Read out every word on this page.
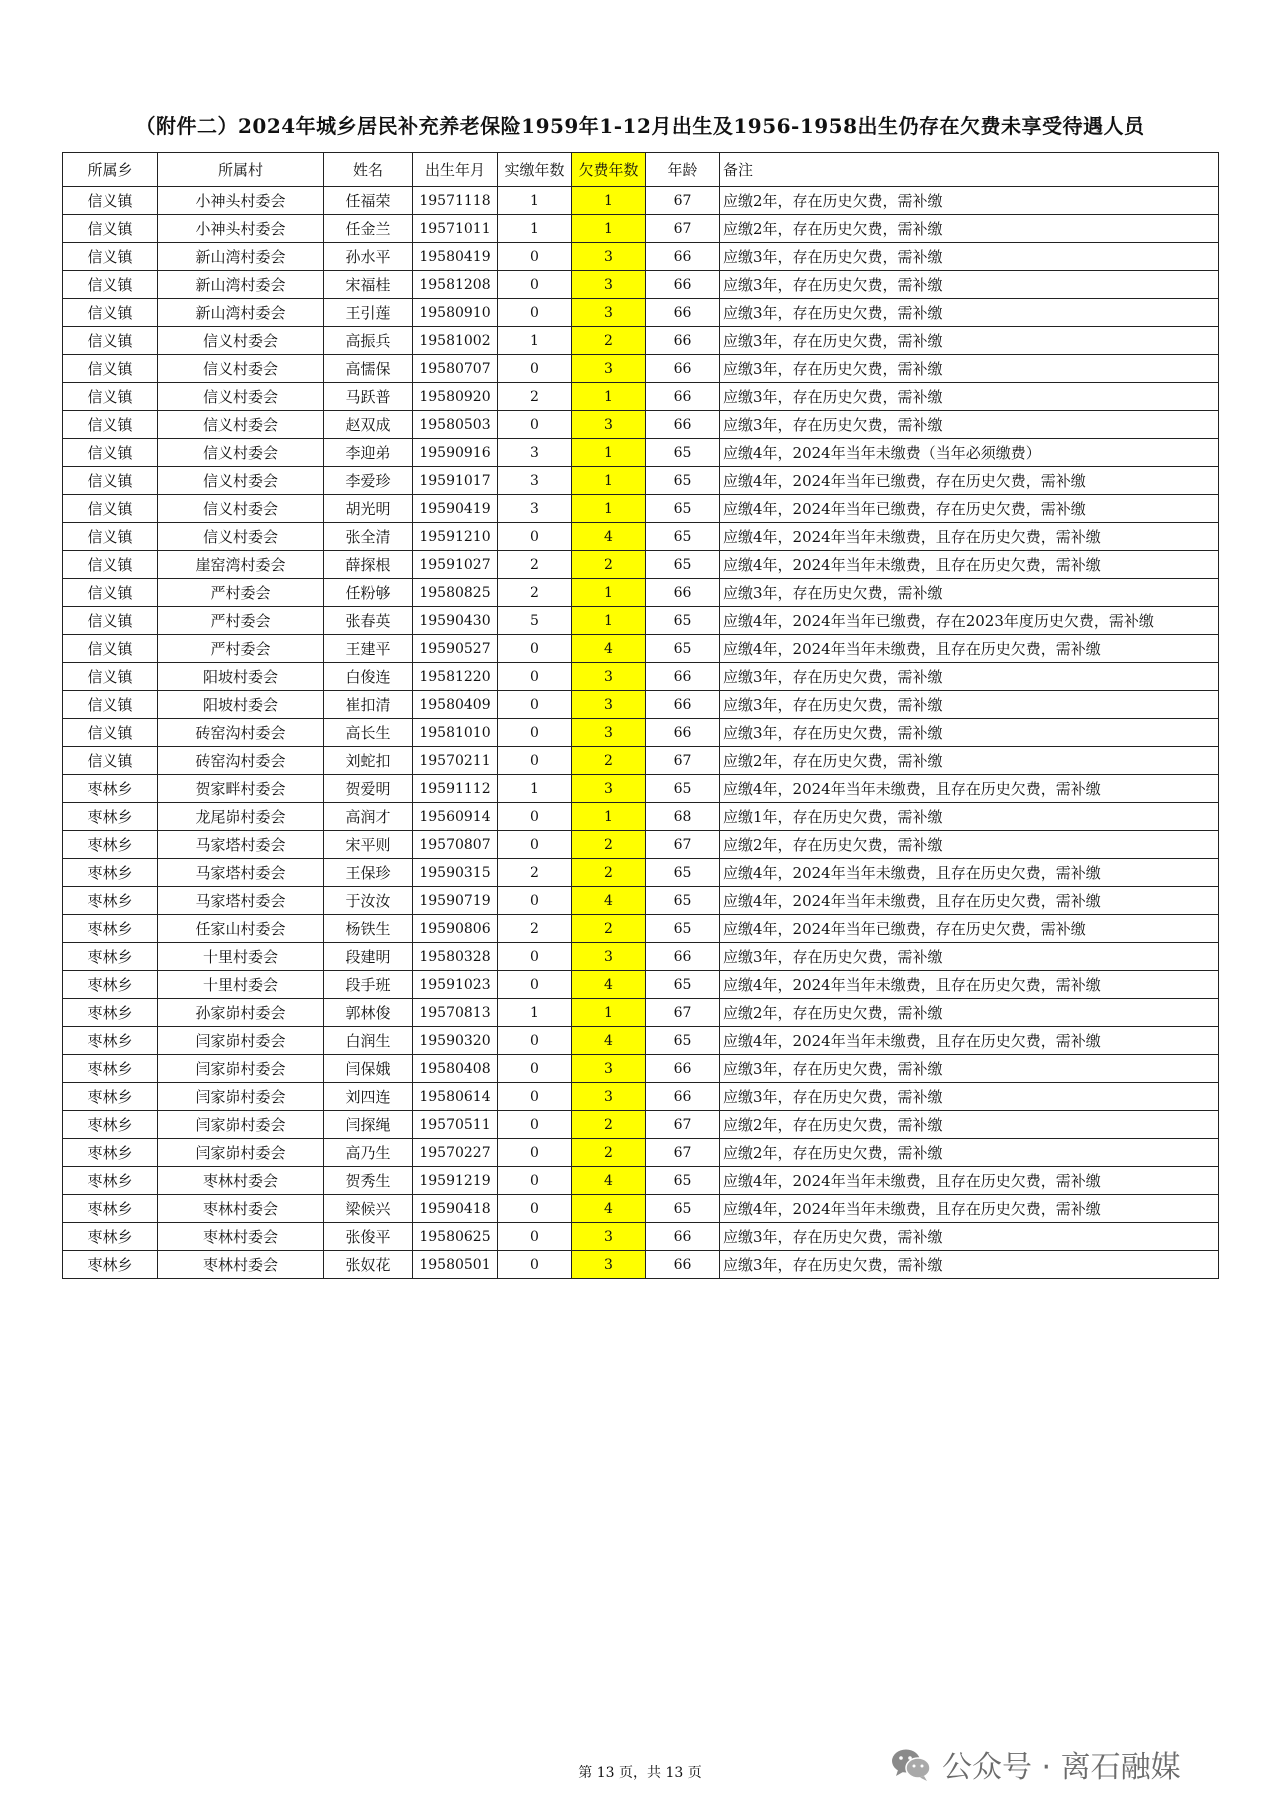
（附件二）2024年城乡居民补充养老保险1959年1-12月出生及1956-1958出生仍存在欠费未享受待遇人员
所属乡	所属村	姓名	出生年月	实缴年数	欠费年数	年龄	备注
信义镇	小神头村委会	任福荣	19571118	1	1	67	应缴2年，存在历史欠费，需补缴
信义镇	小神头村委会	任金兰	19571011	1	1	67	应缴2年，存在历史欠费，需补缴
信义镇	新山湾村委会	孙水平	19580419	0	3	66	应缴3年，存在历史欠费，需补缴
信义镇	新山湾村委会	宋福桂	19581208	0	3	66	应缴3年，存在历史欠费，需补缴
信义镇	新山湾村委会	王引莲	19580910	0	3	66	应缴3年，存在历史欠费，需补缴
信义镇	信义村委会	高振兵	19581002	1	2	66	应缴3年，存在历史欠费，需补缴
信义镇	信义村委会	高懦保	19580707	0	3	66	应缴3年，存在历史欠费，需补缴
信义镇	信义村委会	马跃普	19580920	2	1	66	应缴3年，存在历史欠费，需补缴
信义镇	信义村委会	赵双成	19580503	0	3	66	应缴3年，存在历史欠费，需补缴
信义镇	信义村委会	李迎弟	19590916	3	1	65	应缴4年，2024年当年未缴费（当年必须缴费）
信义镇	信义村委会	李爱珍	19591017	3	1	65	应缴4年，2024年当年已缴费，存在历史欠费，需补缴
信义镇	信义村委会	胡光明	19590419	3	1	65	应缴4年，2024年当年已缴费，存在历史欠费，需补缴
信义镇	信义村委会	张全清	19591210	0	4	65	应缴4年，2024年当年未缴费，且存在历史欠费，需补缴
信义镇	崖窑湾村委会	薛探根	19591027	2	2	65	应缴4年，2024年当年未缴费，且存在历史欠费，需补缴
信义镇	严村委会	任粉够	19580825	2	1	66	应缴3年，存在历史欠费，需补缴
信义镇	严村委会	张春英	19590430	5	1	65	应缴4年，2024年当年已缴费，存在2023年度历史欠费，需补缴
信义镇	严村委会	王建平	19590527	0	4	65	应缴4年，2024年当年未缴费，且存在历史欠费，需补缴
信义镇	阳坡村委会	白俊连	19581220	0	3	66	应缴3年，存在历史欠费，需补缴
信义镇	阳坡村委会	崔扣清	19580409	0	3	66	应缴3年，存在历史欠费，需补缴
信义镇	砖窑沟村委会	高长生	19581010	0	3	66	应缴3年，存在历史欠费，需补缴
信义镇	砖窑沟村委会	刘蛇扣	19570211	0	2	67	应缴2年，存在历史欠费，需补缴
枣林乡	贺家畔村委会	贺爱明	19591112	1	3	65	应缴4年，2024年当年未缴费，且存在历史欠费，需补缴
枣林乡	龙尾峁村委会	高润才	19560914	0	1	68	应缴1年，存在历史欠费，需补缴
枣林乡	马家塔村委会	宋平则	19570807	0	2	67	应缴2年，存在历史欠费，需补缴
枣林乡	马家塔村委会	王保珍	19590315	2	2	65	应缴4年，2024年当年未缴费，且存在历史欠费，需补缴
枣林乡	马家塔村委会	于汝汝	19590719	0	4	65	应缴4年，2024年当年未缴费，且存在历史欠费，需补缴
枣林乡	任家山村委会	杨铁生	19590806	2	2	65	应缴4年，2024年当年已缴费，存在历史欠费，需补缴
枣林乡	十里村委会	段建明	19580328	0	3	66	应缴3年，存在历史欠费，需补缴
枣林乡	十里村委会	段手班	19591023	0	4	65	应缴4年，2024年当年未缴费，且存在历史欠费，需补缴
枣林乡	孙家峁村委会	郭林俊	19570813	1	1	67	应缴2年，存在历史欠费，需补缴
枣林乡	闫家峁村委会	白润生	19590320	0	4	65	应缴4年，2024年当年未缴费，且存在历史欠费，需补缴
枣林乡	闫家峁村委会	闫保娥	19580408	0	3	66	应缴3年，存在历史欠费，需补缴
枣林乡	闫家峁村委会	刘四连	19580614	0	3	66	应缴3年，存在历史欠费，需补缴
枣林乡	闫家峁村委会	闫探绳	19570511	0	2	67	应缴2年，存在历史欠费，需补缴
枣林乡	闫家峁村委会	高乃生	19570227	0	2	67	应缴2年，存在历史欠费，需补缴
枣林乡	枣林村委会	贺秀生	19591219	0	4	65	应缴4年，2024年当年未缴费，且存在历史欠费，需补缴
枣林乡	枣林村委会	梁候兴	19590418	0	4	65	应缴4年，2024年当年未缴费，且存在历史欠费，需补缴
枣林乡	枣林村委会	张俊平	19580625	0	3	66	应缴3年，存在历史欠费，需补缴
枣林乡	枣林村委会	张奴花	19580501	0	3	66	应缴3年，存在历史欠费，需补缴
第 13 页，共 13 页	公众号 · 离石融媒
